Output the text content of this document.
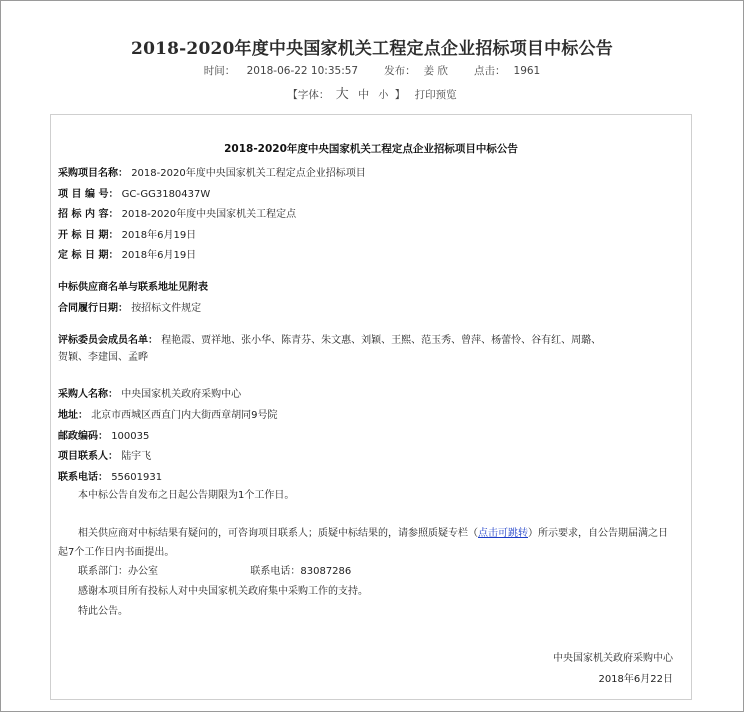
2018-2020年度中央国家机关工程定点企业招标项目中标公告
时间： 2018-06-22 10:35:57 发布： 姜 欣 点击： 1961
【字体： 大 中 小 】 打印预览
2018-2020年度中央国家机关工程定点企业招标项目中标公告
采购项目名称： 2018-2020年度中央国家机关工程定点企业招标项目
项 目 编 号： GC-GG3180437W
招 标 内 容： 2018-2020年度中央国家机关工程定点
开 标 日 期： 2018年6月19日
定 标 日 期： 2018年6月19日
中标供应商名单与联系地址见附表
合同履行日期： 按招标文件规定
评标委员会成员名单： 程艳霞、贾祥地、张小华、陈青芬、朱文惠、刘颖、王熙、范玉秀、曾萍、杨蕾怜、谷有红、周璐、
贺颖、李建国、孟晔
采购人名称： 中央国家机关政府采购中心
地址： 北京市西城区西直门内大街西章胡同9号院
邮政编码： 100035
项目联系人： 陆宇飞
联系电话： 55601931
本中标公告自发布之日起公告期限为1个工作日。
相关供应商对中标结果有疑问的，可咨询项目联系人；质疑中标结果的，请参照质疑专栏（点击可跳转）所示要求，自公告期届满之日起7个工作日内书面提出。
联系部门：办公室	联系电话：83087286
感谢本项目所有投标人对中央国家机关政府集中采购工作的支持。
特此公告。
中央国家机关政府采购中心
2018年6月22日
